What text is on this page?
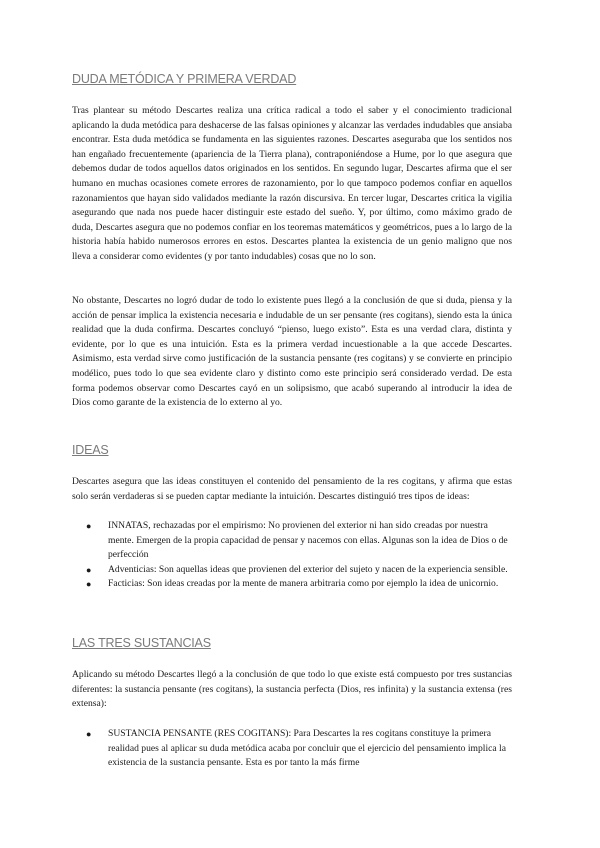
DUDA METÓDICA Y PRIMERA VERDAD

Tras plantear su método Descartes realiza una crítica radical a todo el saber y el conocimiento tradicional aplicando la duda metódica para deshacerse de las falsas opiniones y alcanzar las verdades indudables que ansiaba encontrar. Esta duda metódica se fundamenta en las siguientes razones. Descartes aseguraba que los sentidos nos han engañado frecuentemente (apariencia de la Tierra plana), contraponiéndose a Hume, por lo que asegura que debemos dudar de todos aquellos datos originados en los sentidos. En segundo lugar, Descartes afirma que el ser humano en muchas ocasiones comete errores de razonamiento, por lo que tampoco podemos confiar en aquellos razonamientos que hayan sido validados mediante la razón discursiva. En tercer lugar, Descartes critica la vigilia asegurando que nada nos puede hacer distinguir este estado del sueño. Y, por último, como máximo grado de duda, Descartes asegura que no podemos confiar en los teoremas matemáticos y geométricos, pues a lo largo de la historia había habido numerosos errores en estos. Descartes plantea la existencia de un genio maligno que nos lleva a considerar como evidentes (y por tanto indudables) cosas que no lo son.

No obstante, Descartes no logró dudar de todo lo existente pues llegó a la conclusión de que si duda, piensa y la acción de pensar implica la existencia necesaria e indudable de un ser pensante (res cogitans), siendo esta la única realidad que la duda confirma. Descartes concluyó “pienso, luego existo”. Esta es una verdad clara, distinta y evidente, por lo que es una intuición. Esta es la primera verdad incuestionable a la que accede Descartes. Asimismo, esta verdad sirve como justificación de la sustancia pensante (res cogitans) y se convierte en principio modélico, pues todo lo que sea evidente claro y distinto como este principio será considerado verdad. De esta forma podemos observar como Descartes cayó en un solipsismo, que acabó superando al introducir la idea de Dios como garante de la existencia de lo externo al yo.

IDEAS

Descartes asegura que las ideas constituyen el contenido del pensamiento de la res cogitans, y afirma que estas solo serán verdaderas si se pueden captar mediante la intuición. Descartes distinguió tres tipos de ideas:

● INNATAS, rechazadas por el empirismo: No provienen del exterior ni han sido creadas por nuestra mente. Emergen de la propia capacidad de pensar y nacemos con ellas. Algunas son la idea de Dios o de perfección
● Adventicias: Son aquellas ideas que provienen del exterior del sujeto y nacen de la experiencia sensible.
● Facticias: Son ideas creadas por la mente de manera arbitraria como por ejemplo la idea de unicornio.
LAS TRES SUSTANCIAS

Aplicando su método Descartes llegó a la conclusión de que todo lo que existe está compuesto por tres sustancias diferentes: la sustancia pensante (res cogitans), la sustancia perfecta (Dios, res infinita) y la sustancia extensa (res extensa):

● SUSTANCIA PENSANTE (RES COGITANS): Para Descartes la res cogitans constituye la primera realidad pues al aplicar su duda metódica acaba por concluir que el ejercicio del pensamiento implica la existencia de la sustancia pensante. Esta es por tanto la más firme
